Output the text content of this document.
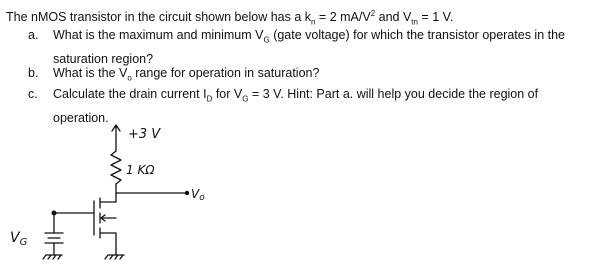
The nMOS transistor in the circuit shown below has a $k_n = 2$ $mA/V^2$ and $V_{tn} = 1$ V.
a.	What is the maximum and minimum $V_G$ (gate voltage) for which the transistor operates in the saturation region?
b.	What is the $V_o$ range for operation in saturation?
c.	Calculate the drain current $I_D$ for $V_G = 3$ V. Hint: Part a. will help you decide the region of operation.
+3 V
1 KΩ
Vo
$V_G$
